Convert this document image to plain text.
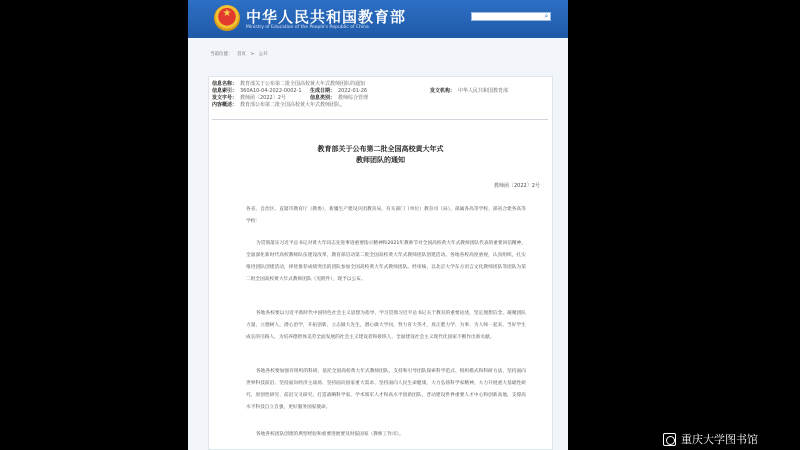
★ 中华人民共和国教育部
Ministry of Education of the People's Republic of China
⌕
当前位置： 首页 > 公开
信息名称： 教育部关于公布第二批全国高校黄大年式教师团队的通知
信息索引： 360A10-04-2022-0002-1 生成日期： 2022-01-26	发文机构： 中华人民共和国教育部
发文字号： 教师函〔2022〕2号	信息类别： 教师综合管理
内容概述： 教育部公布第二批全国高校黄大年式教师团队。
教育部关于公布第二批全国高校黄大年式
教师团队的通知
教师函〔2022〕2号
各省、自治区、直辖市教育厅（教委），新疆生产建设兵团教育局，有关部门（单位）教育司（局），部属各高等学校、部省合建各高等学校：
为贯彻落实习近平总书记对黄大年同志先进事迹重要指示精神和2021年教师节对全国高校黄大年式教师团队代表的重要回信精神，全面深化新时代高校教师队伍建设改革，教育部启动第二批全国高校黄大年式教师团队创建活动。各地各校高度重视，认真组织，扎实推进团队创建活动，择优推荐成绩突出的团队参加全国高校黄大年式教师团队。经审核，以北京大学东方语言文化教师团队等团队为第二批全国高校黄大年式教师团队（见附件），现予以公布。
各地各校要以习近平新时代中国特色社会主义思想为指导，学习贯彻习近平总书记关于教育的重要论述，坚定理想信念，凝聚团队力量，立德树人，潜心治学，开拓创新，立志做大先生，潜心做大学问，努力育大英才，真正肥力学、为事、为人师一起来，当好学生成长的引路人，为培养德智体美劳全面发展的社会主义建设者和接班人、全面建设社会主义现代化国家不断作出新贡献。
各地各校要加强有组织的科研，依托全国高校黄大年式教师团队，支持和引导团队探索科学范式、组织模式和科研方法，坚持面向世界科技前沿、坚持面向经济主战场、坚持面向国家重大需求、坚持面向人民生命健康，大力弘扬科学家精神，大力开展重大基础性研究、原创性研究、前沿交叉研究，打造战略科学家、学术领军人才和高水平创新团队，晋动建设世界重要人才中心和创新高地，支撑高水平科技自立自强，更好服务国家使命。
各地各校团队创建的典型经验和重要进展要及时报国家（教师工作司）。	重庆大学图书馆
